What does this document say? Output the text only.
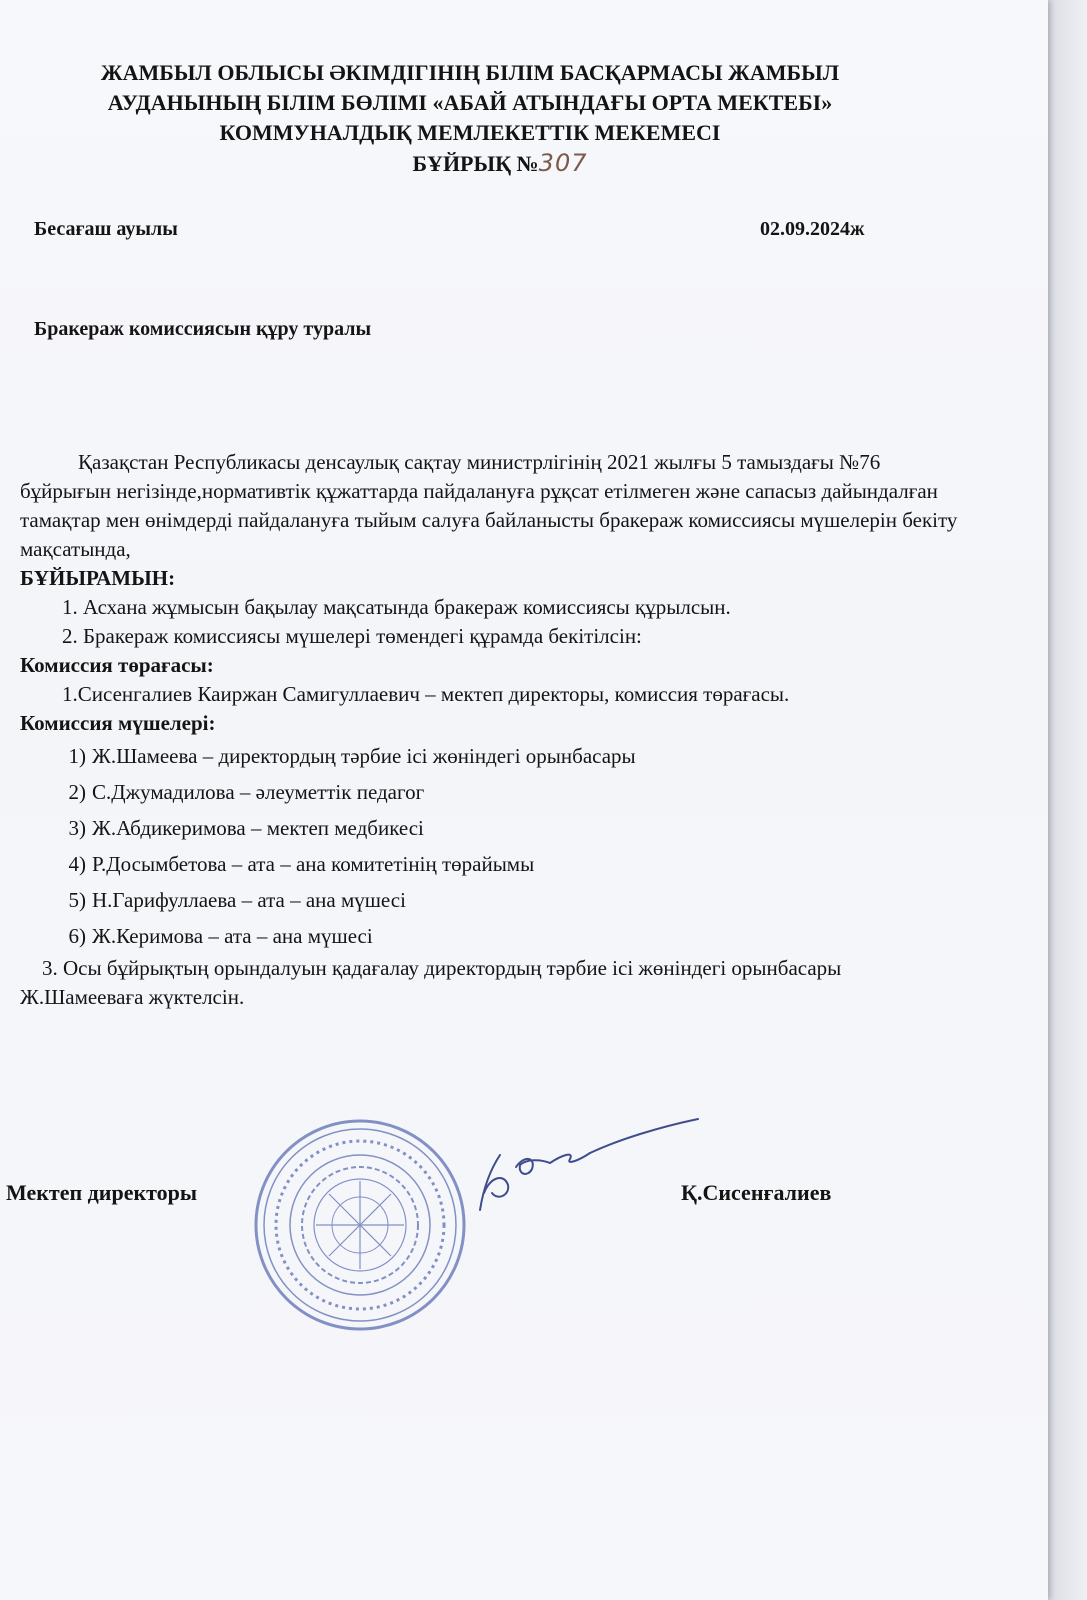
ЖАМБЫЛ ОБЛЫСЫ ӘКІМДІГІНІҢ БІЛІМ БАСҚАРМАСЫ ЖАМБЫЛ
АУДАНЫНЫҢ БІЛІМ БӨЛІМІ «АБАЙ АТЫНДАҒЫ ОРТА МЕКТЕБІ»
КОММУНАЛДЫҚ МЕМЛЕКЕТТІК МЕКЕМЕСІ
БҰЙРЫҚ №307
Бесағаш ауылы	02.09.2024ж
Бракераж комиссиясын құру туралы

Қазақстан Республикасы денсаулық сақтау министрлігінің 2021 жылғы 5 тамыздағы №76 бұйрығын негізінде,нормативтік құжаттарда пайдалануға рұқсат етілмеген және сапасыз дайындалған тамақтар мен өнімдерді пайдалануға тыйым салуға байланысты бракераж комиссиясы мүшелерін бекіту мақсатында,

БҰЙЫРАМЫН:

1. Асхана жұмысын бақылау мақсатында бракераж комиссиясы құрылсын.

2. Бракераж комиссиясы мүшелері төмендегі құрамда бекітілсін:

Комиссия төрағасы:

1.Сисенгалиев Каиржан Самигуллаевич – мектеп директоры, комиссия төрағасы.

Комиссия мүшелері:

1) Ж.Шамеева – директордың тәрбие ісі жөніндегі орынбасары
2) С.Джумадилова – әлеуметтік педагог
3) Ж.Абдикеримова – мектеп медбикесі
4) Р.Досымбетова – ата – ана комитетінің төрайымы
5) Н.Гарифуллаева – ата – ана мүшесі
6) Ж.Керимова – ата – ана мүшесі

3. Осы бұйрықтың орындалуын қадағалау директордың тәрбие ісі жөніндегі орынбасары Ж.Шамееваға жүктелсін.

Мектеп директоры	Қ.Сисенғалиев
